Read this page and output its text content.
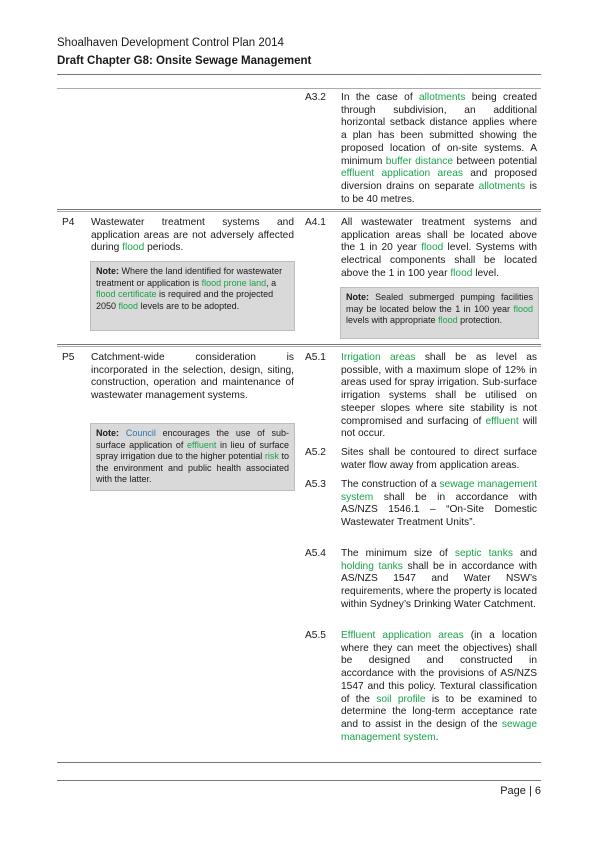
Shoalhaven Development Control Plan 2014
Draft Chapter G8: Onsite Sewage Management
A3.2 In the case of allotments being created through subdivision, an additional horizontal setback distance applies where a plan has been submitted showing the proposed location of on-site systems. A minimum buffer distance between potential effluent application areas and proposed diversion drains on separate allotments is to be 40 metres.
P4 Wastewater treatment systems and application areas are not adversely affected during flood periods.
Note: Where the land identified for wastewater treatment or application is flood prone land, a flood certificate is required and the projected 2050 flood levels are to be adopted.
A4.1 All wastewater treatment systems and application areas shall be located above the 1 in 20 year flood level. Systems with electrical components shall be located above the 1 in 100 year flood level.
Note: Sealed submerged pumping facilities may be located below the 1 in 100 year flood levels with appropriate flood protection.
P5 Catchment-wide consideration is incorporated in the selection, design, siting, construction, operation and maintenance of wastewater management systems.
Note: Council encourages the use of sub-surface application of effluent in lieu of surface spray irrigation due to the higher potential risk to the environment and public health associated with the latter.
A5.1 Irrigation areas shall be as level as possible, with a maximum slope of 12% in areas used for spray irrigation. Sub-surface irrigation systems shall be utilised on steeper slopes where site stability is not compromised and surfacing of effluent will not occur.
A5.2 Sites shall be contoured to direct surface water flow away from application areas.
A5.3 The construction of a sewage management system shall be in accordance with AS/NZS 1546.1 – “On-Site Domestic Wastewater Treatment Units”.
A5.4 The minimum size of septic tanks and holding tanks shall be in accordance with AS/NZS 1547 and Water NSW’s requirements, where the property is located within Sydney’s Drinking Water Catchment.
A5.5 Effluent application areas (in a location where they can meet the objectives) shall be designed and constructed in accordance with the provisions of AS/NZS 1547 and this policy. Textural classification of the soil profile is to be examined to determine the long-term acceptance rate and to assist in the design of the sewage management system.
Page | 6
